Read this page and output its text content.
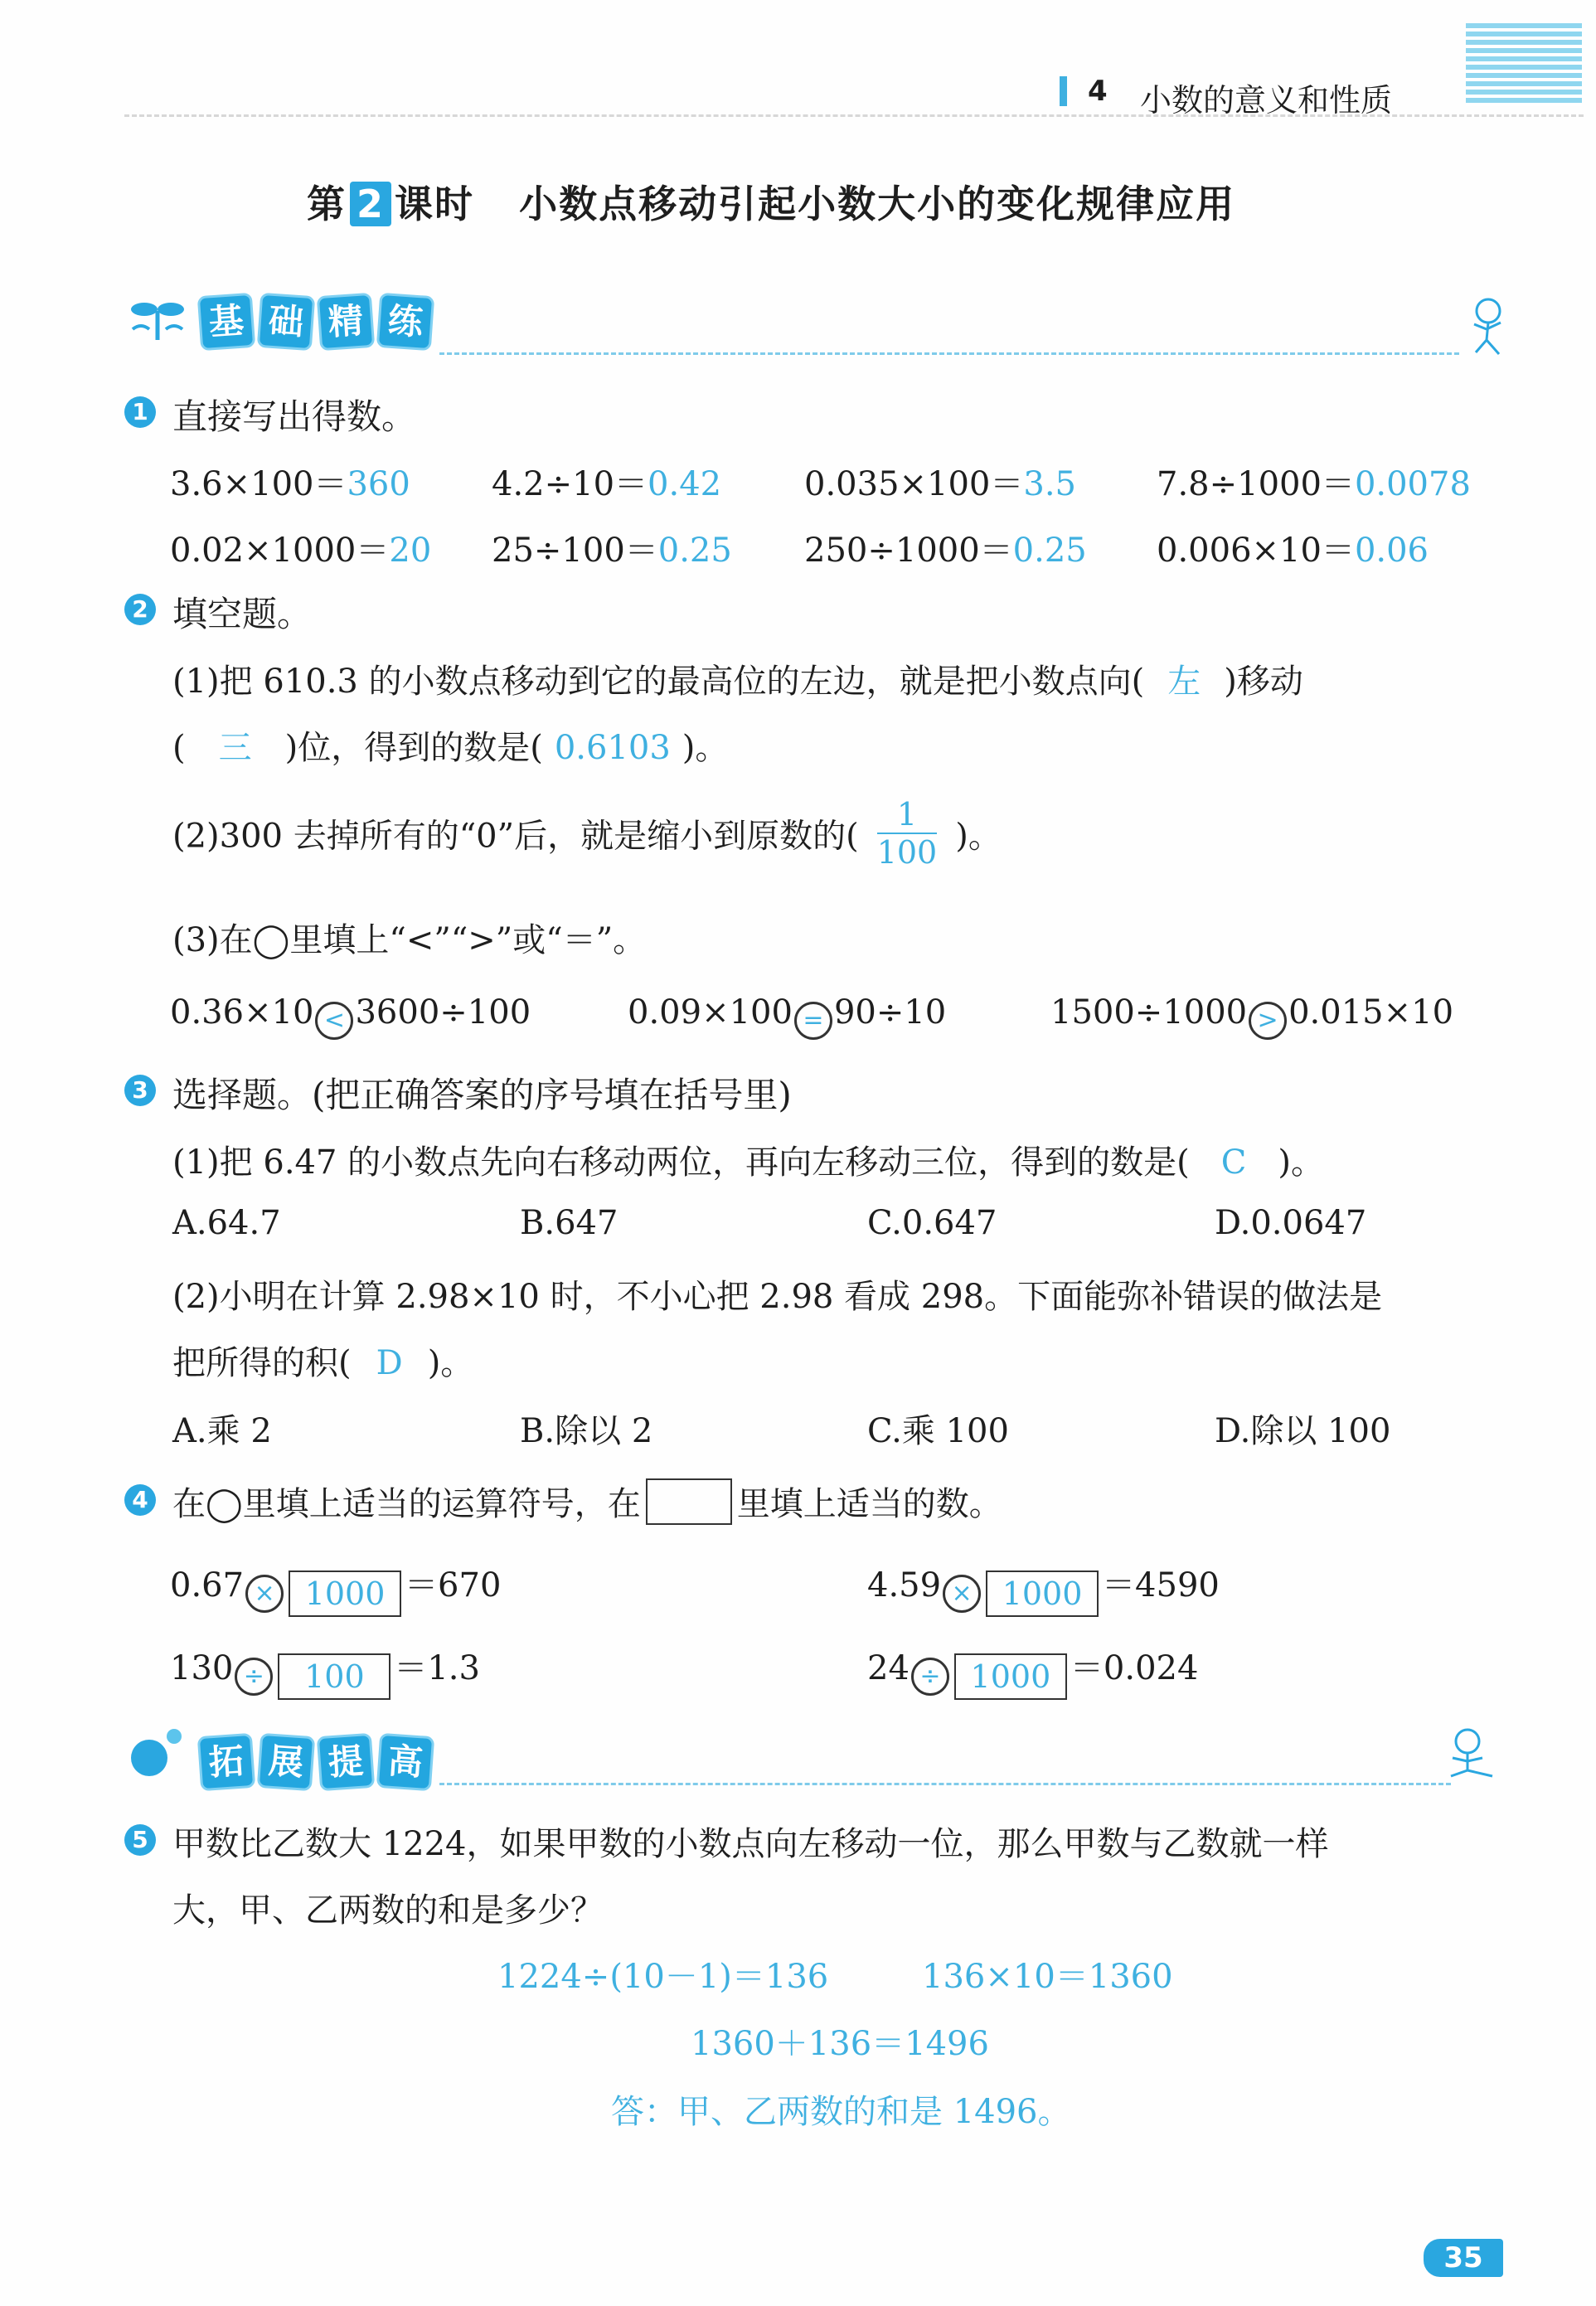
4 小数的意义和性质
第 2 课时 小数点移动引起小数大小的变化规律应用
基 础 精 练
1 直接写出得数。
3.6×100＝360 4.2÷10＝0.42 0.035×100＝3.5 7.8÷1000＝0.0078
0.02×1000＝20 25÷100＝0.25 250÷1000＝0.25 0.006×10＝0.06
2 填空题。
(1)把 610.3 的小数点移动到它的最高位的左边，就是把小数点向( 左 )移动
( 三 )位，得到的数是( 0.6103 )。
(2)300 去掉所有的“0”后，就是缩小到原数的( $\frac{1}{100}$ )。
(3)在◯里填上“<”“>”或“＝”。
0.36×10 < 3600÷100	0.09×100 = 90÷10	1500÷1000 > 0.015×10
3 选择题。(把正确答案的序号填在括号里)
(1)把 6.47 的小数点先向右移动两位，再向左移动三位，得到的数是( C )。
A.64.7	B.647	C.0.647	D.0.0647
(2)小明在计算 2.98×10 时，不小心把 2.98 看成 298。下面能弥补错误的做法是
把所得的积( D )。
A.乘 2	B.除以 2	C.乘 100	D.除以 100
4 在◯里填上适当的运算符号，在	里填上适当的数。
0.67 × 1000 ＝670	4.59 × 1000 ＝4590
130 ÷ 100 ＝1.3	24 ÷ 1000 ＝0.024
拓 展 提 高
5 甲数比乙数大 1224，如果甲数的小数点向左移动一位，那么甲数与乙数就一样
大，甲、乙两数的和是多少？
1224÷(10－1)＝136	136×10＝1360
1360＋136＝1496
答：甲、乙两数的和是 1496。
35
